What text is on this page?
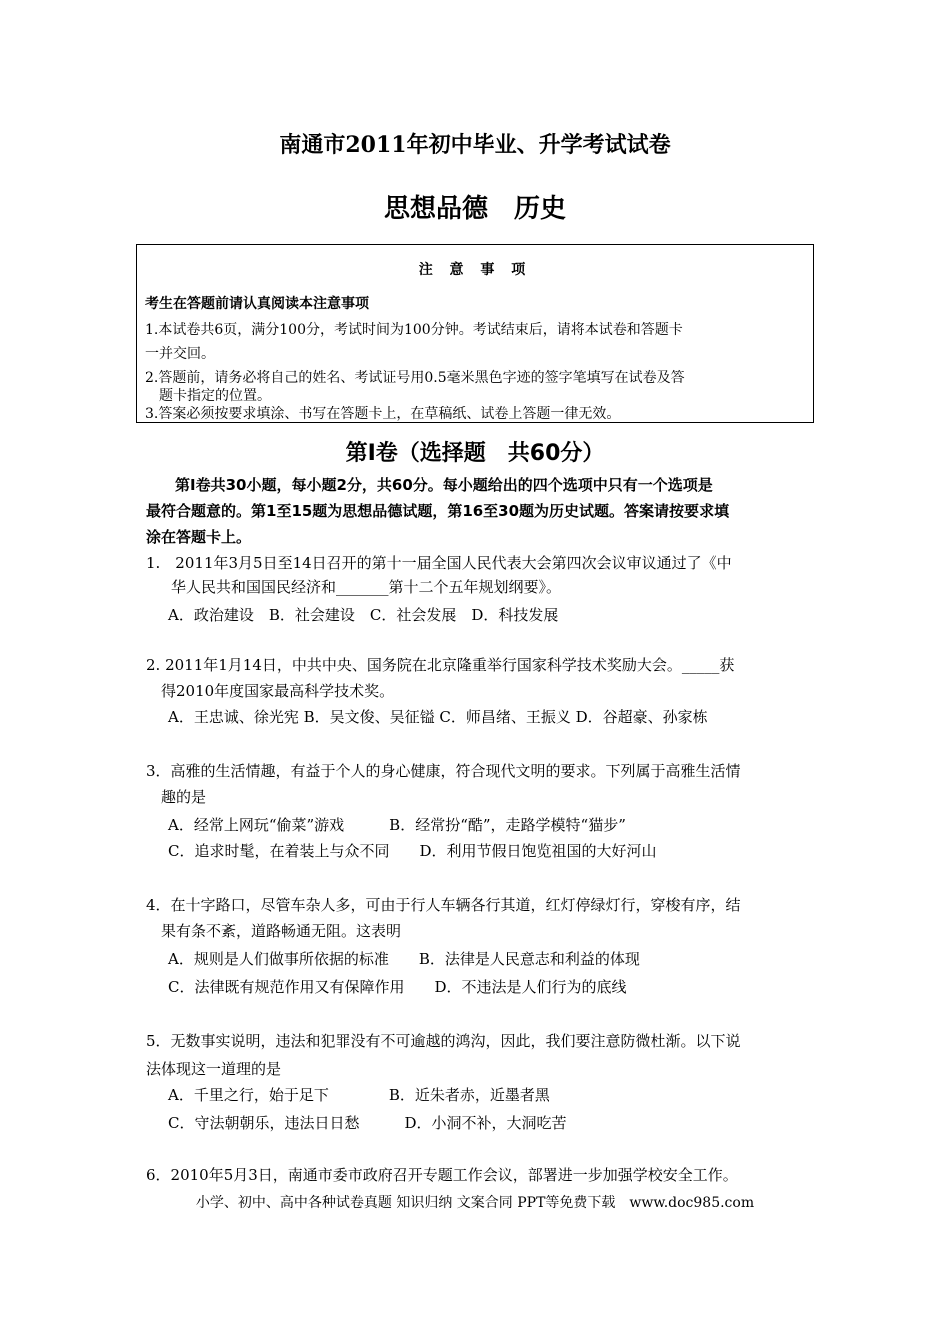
南通市2011年初中毕业、升学考试试卷
思想品德　历史
注 意 事 项
考生在答题前请认真阅读本注意事项
1.本试卷共6页，满分100分，考试时间为100分钟。考试结束后，请将本试卷和答题卡
一并交回。
2.答题前，请务必将自己的姓名、考试证号用0.5毫米黑色字迹的签字笔填写在试卷及答
　题卡指定的位置。
3.答案必须按要求填涂、书写在答题卡上，在草稿纸、试卷上答题一律无效。
第Ⅰ卷（选择题　共60分）
　第Ⅰ卷共30小题，每小题2分，共60分。每小题给出的四个选项中只有一个选项是
最符合题意的。第1至15题为思想品德试题，第16至30题为历史试题。答案请按要求填
涂在答题卡上。
1.　2011年3月5日至14日召开的第十一届全国人民代表大会第四次会议审议通过了《中
　华人民共和国国民经济和_______第十二个五年规划纲要》。
A．政治建设　B．社会建设　C．社会发展　D．科技发展
2. 2011年1月14日，中共中央、国务院在北京隆重举行国家科学技术奖励大会。_____获
　得2010年度国家最高科学技术奖。
A．王忠诚、徐光宪 B．吴文俊、吴征镒 C．师昌绪、王振义 D．谷超豪、孙家栋
3．高雅的生活情趣，有益于个人的身心健康，符合现代文明的要求。下列属于高雅生活情
　趣的是
A．经常上网玩“偷菜”游戏　　　B．经常扮“酷”，走路学模特“猫步”
C．追求时髦，在着装上与众不同　　D．利用节假日饱览祖国的大好河山
4．在十字路口，尽管车杂人多，可由于行人车辆各行其道，红灯停绿灯行，穿梭有序，结
　果有条不紊，道路畅通无阻。这表明
A．规则是人们做事所依据的标准　　B．法律是人民意志和利益的体现
C．法律既有规范作用又有保障作用　　D．不违法是人们行为的底线
5．无数事实说明，违法和犯罪没有不可逾越的鸿沟，因此，我们要注意防微杜渐。以下说
法体现这一道理的是
A．千里之行，始于足下　　　　B．近朱者赤，近墨者黑
C．守法朝朝乐，违法日日愁　　　D．小洞不补，大洞吃苦
6．2010年5月3日，南通市委市政府召开专题工作会议，部署进一步加强学校安全工作。
小学、初中、高中各种试卷真题 知识归纳 文案合同 PPT等免费下载　www.doc985.com
